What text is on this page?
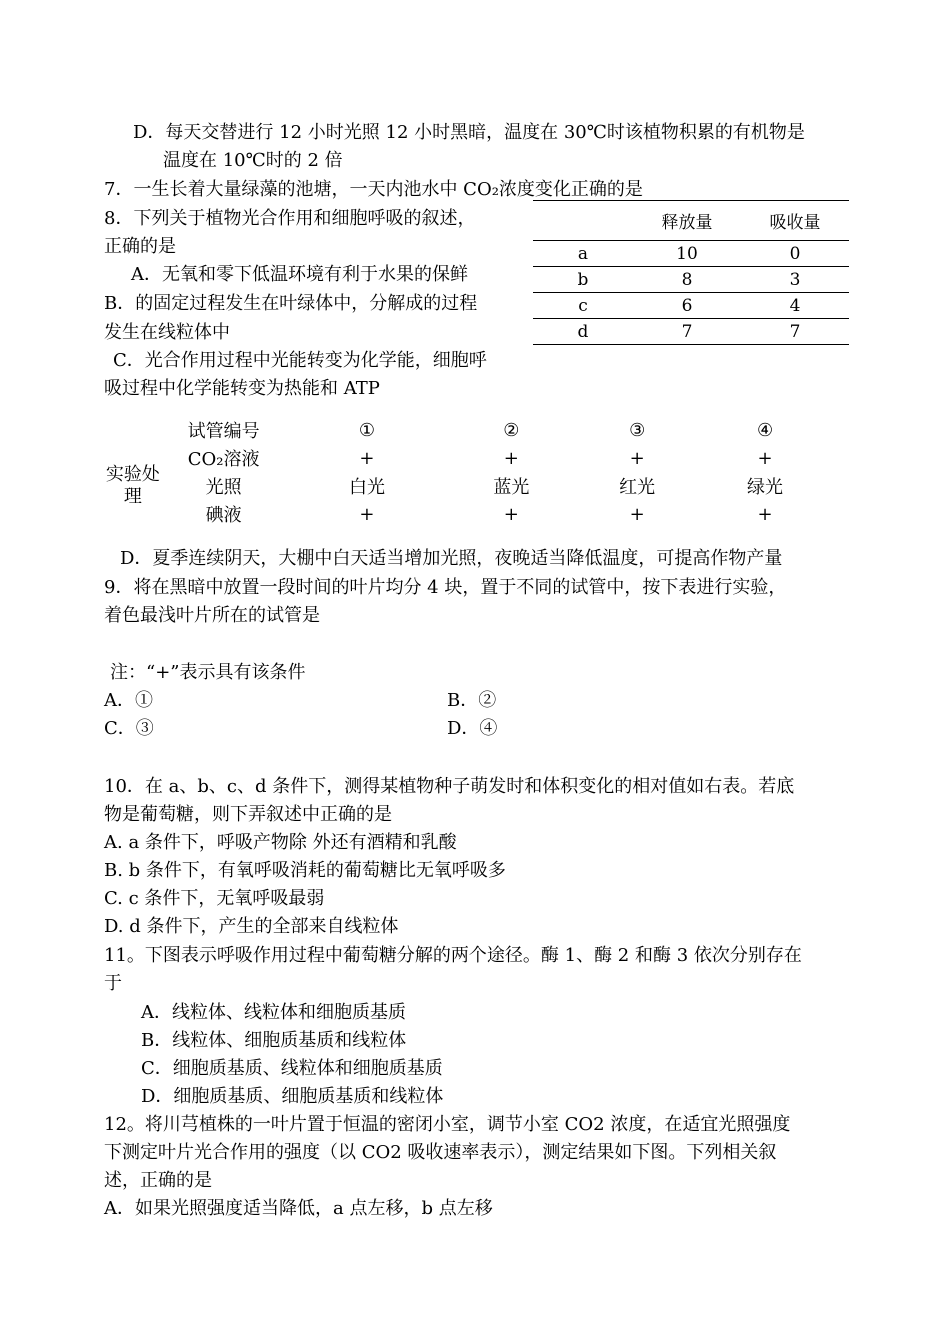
D．每天交替进行 12 小时光照 12 小时黑暗，温度在 30℃时该植物积累的有机物是
温度在 10℃时的 2 倍
7．一生长着大量绿藻的池塘，一天内池水中 CO₂浓度变化正确的是
8．下列关于植物光合作用和细胞呼吸的叙述，
正确的是
A．无氧和零下低温环境有利于水果的保鲜
B．的固定过程发生在叶绿体中，分解成的过程
发生在线粒体中
C．光合作用过程中光能转变为化学能，细胞呼
吸过程中化学能转变为热能和 ATP
	释放量	吸收量
a	10	0
b	8	3
c	6	4
d	7	7
	试管编号	①	②	③	④
实验处理	CO₂溶液	+	+	+	+
	光照	白光	蓝光	红光	绿光
	碘液	+	+	+	+
D．夏季连续阴天，大棚中白天适当增加光照，夜晚适当降低温度，可提高作物产量
9．将在黑暗中放置一段时间的叶片均分 4 块，置于不同的试管中，按下表进行实验，
着色最浅叶片所在的试管是
注：“+”表示具有该条件
A．①	B．②
C．③	D．④
10．在 a、b、c、d 条件下，测得某植物种子萌发时和体积变化的相对值如右表。若底
物是葡萄糖，则下弄叙述中正确的是
A. a 条件下，呼吸产物除 外还有酒精和乳酸
B. b 条件下，有氧呼吸消耗的葡萄糖比无氧呼吸多
C. c 条件下，无氧呼吸最弱
D. d 条件下，产生的全部来自线粒体
11。下图表示呼吸作用过程中葡萄糖分解的两个途径。酶 1、酶 2 和酶 3 依次分别存在
于
A．线粒体、线粒体和细胞质基质
B．线粒体、细胞质基质和线粒体
C．细胞质基质、线粒体和细胞质基质
D．细胞质基质、细胞质基质和线粒体
12。将川芎植株的一叶片置于恒温的密闭小室，调节小室 CO2 浓度，在适宜光照强度
下测定叶片光合作用的强度（以 CO2 吸收速率表示），测定结果如下图。下列相关叙
述，正确的是
A．如果光照强度适当降低，a 点左移，b 点左移
